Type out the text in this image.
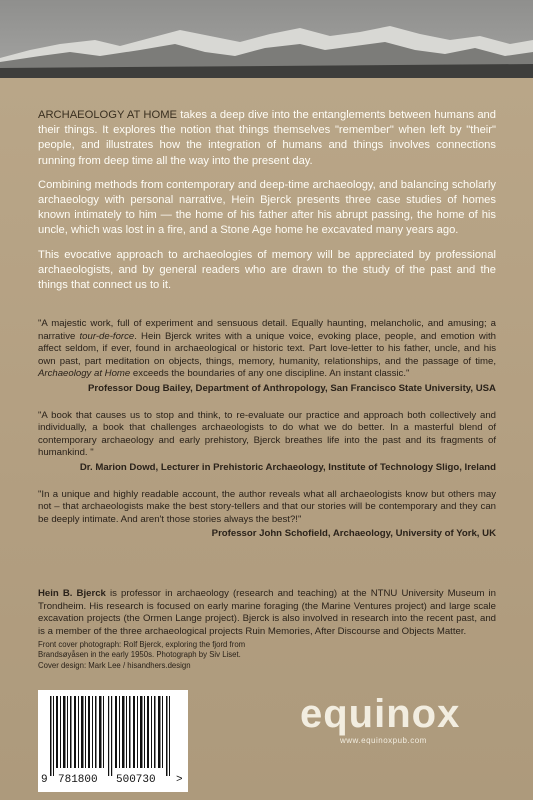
ARCHAEOLOGY AT HOME takes a deep dive into the entanglements between humans and their things. It explores the notion that things themselves "remember" when left by "their" people, and illustrates how the integration of humans and things involves connections running from deep time all the way into the present day.

Combining methods from contemporary and deep-time archaeology, and balancing scholarly archaeology with personal narrative, Hein Bjerck presents three case studies of homes known intimately to him — the home of his father after his abrupt passing, the home of his uncle, which was lost in a fire, and a Stone Age home he excavated many years ago.

This evocative approach to archaeologies of memory will be appreciated by professional archaeologists, and by general readers who are drawn to the study of the past and the things that connect us to it.

"A majestic work, full of experiment and sensuous detail. Equally haunting, melancholic, and amusing; a narrative tour-de-force. Hein Bjerck writes with a unique voice, evoking place, people, and emotion with affect seldom, if ever, found in archaeological or historic text. Part love-letter to his father, uncle, and his own past, part meditation on objects, things, memory, humanity, relationships, and the passage of time, Archaeology at Home exceeds the boundaries of any one discipline. An instant classic."

Professor Doug Bailey, Department of Anthropology, San Francisco State University, USA

"A book that causes us to stop and think, to re-evaluate our practice and approach both collectively and individually, a book that challenges archaeologists to do what we do better. In a masterful blend of contemporary archaeology and early prehistory, Bjerck breathes life into the past and its fragments of humankind. "

Dr. Marion Dowd, Lecturer in Prehistoric Archaeology, Institute of Technology Sligo, Ireland

"In a unique and highly readable account, the author reveals what all archaeologists know but others may not – that archaeologists make the best story-tellers and that our stories will be contemporary and they can be deeply intimate. And aren't those stories always the best?!"

Professor John Schofield, Archaeology, University of York, UK

Hein B. Bjerck is professor in archaeology (research and teaching) at the NTNU University Museum in Trondheim. His research is focused on early marine foraging (the Marine Ventures project) and large scale excavation projects (the Ormen Lange project). Bjerck is also involved in research into the recent past, and is a member of the three archaeological projects Ruin Memories, After Discourse and Objects Matter.
Front cover photograph: Rolf Bjerck, exploring the fjord from
Brandsøyåsen in the early 1950s. Photograph by Siv Liset.
Cover design: Mark Lee / hisandhers.design
9 781800 500730 >
equinox
www.equinoxpub.com
